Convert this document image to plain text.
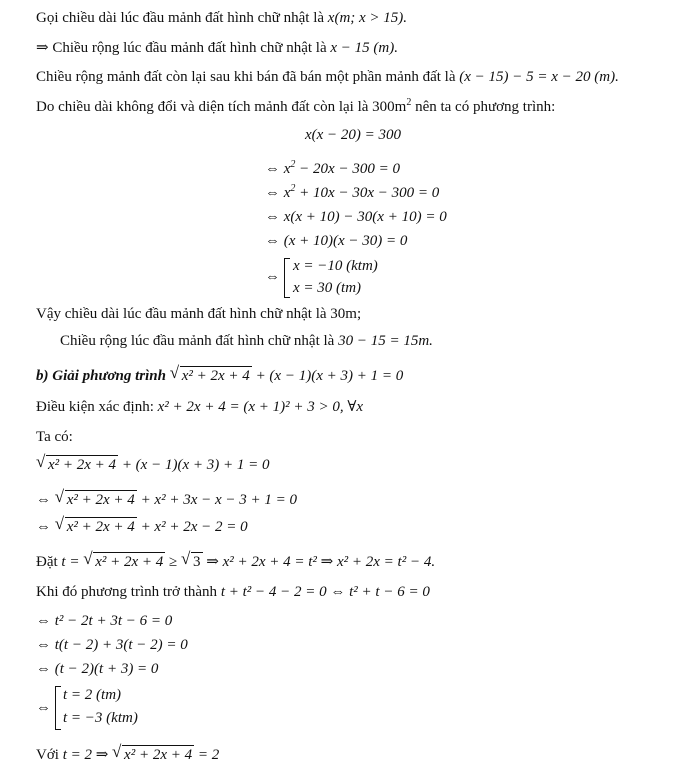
Gọi chiều dài lúc đầu mảnh đất hình chữ nhật là x(m; x > 15).
⇒ Chiều rộng lúc đầu mảnh đất hình chữ nhật là x − 15 (m).
Chiều rộng mảnh đất còn lại sau khi bán đã bán một phần mảnh đất là (x − 15) − 5 = x − 20 (m).
Do chiều dài không đổi và diện tích mảnh đất còn lại là $300m^2$ nên ta có phương trình:
x(x − 20) = 300
⇔ $x^2 - 20x - 300 = 0$
⇔ $x^2 + 10x - 30x - 300 = 0$
⇔ x(x + 10) − 30(x + 10) = 0
⇔ (x + 10)(x − 30) = 0
⇔
x = −10 (ktm)
x = 30 (tm)
Vậy chiều dài lúc đầu mảnh đất hình chữ nhật là 30m;
Chiều rộng lúc đầu mảnh đất hình chữ nhật là 30 − 15 = 15m.
b) Giải phương trình √ x² + 2x + 4 + (x − 1)(x + 3) + 1 = 0
Điều kiện xác định: x² + 2x + 4 = (x + 1)² + 3 > 0, ∀x
Ta có:
√ x² + 2x + 4 + (x − 1)(x + 3) + 1 = 0
⇔ √ x² + 2x + 4 + x² + 3x − x − 3 + 1 = 0
⇔ √ x² + 2x + 4 + x² + 2x − 2 = 0
Đặt t = √ x² + 2x + 4 ≥ √ 3 ⇒ x² + 2x + 4 = t² ⇒ x² + 2x = t² − 4.
Khi đó phương trình trở thành t + t² − 4 − 2 = 0 ⇔ t² + t − 6 = 0
⇔ t² − 2t + 3t − 6 = 0
⇔ t(t − 2) + 3(t − 2) = 0
⇔ (t − 2)(t + 3) = 0
⇔
t = 2 (tm)
t = −3 (ktm)
Với t = 2 ⇒ √ x² + 2x + 4 = 2
